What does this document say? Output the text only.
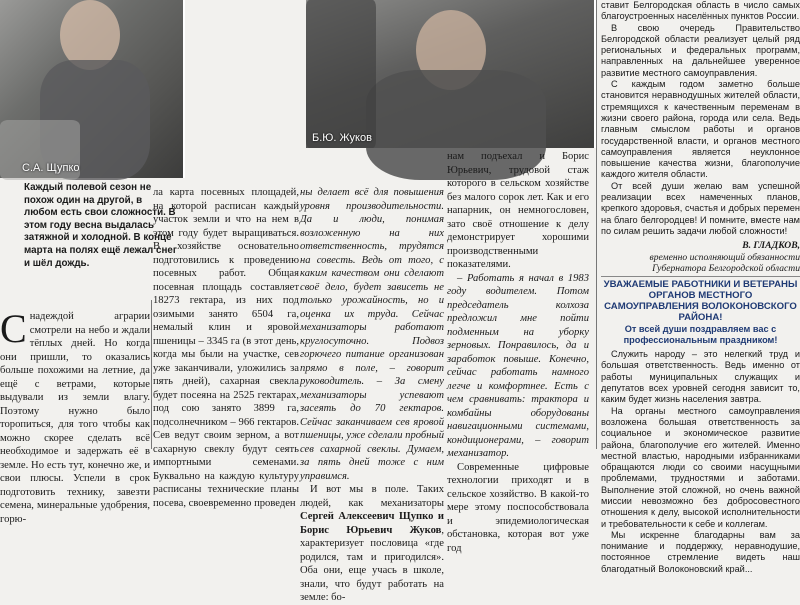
С.А. Щупко
Б.Ю. Жуков
Каждый полевой сезон не похож один на другой, в любом есть свои сложности. В этом году весна выдалась затяжной и холодной. В конце марта на полях ещё лежал снег и шёл дождь.
С надеждой аграрии смотрели на небо и ждали тёплых дней. Но когда они пришли, то оказались больше похожими на летние, да ещё с ветрами, которые выдували из земли влагу. Поэтому нужно было торопиться, для того чтобы как можно скорее сделать всё необходимое и задержать её в земле. Но есть тут, конечно же, и свои плюсы. Успели в срок подготовить технику, завезти семена, минеральные удобрения, горю-

ла карта посевных площадей, на которой расписан каждый участок земли и что на нем в этом году будет выращиваться. В хозяйстве основательно подготовились к проведению посевных работ. Общая посевная площадь составляет 18273 гектара, из них под озимыми занято 6504 га, немалый клин и яровой пшеницы – 3345 га (в этот день, когда мы были на участке, сев уже заканчивали, уложились за пять дней), сахарная свекла будет посеяна на 2525 гектарах, под сою занято 3899 га, подсолнечником – 966 гектаров. Сев ведут своим зерном, а вот сахарную свеклу будут сеять импортными семенами. Буквально на каждую культуру расписаны технические планы посева, своевременно проведен

ны делает всё для повышения уровня производительности. Да и люди, понимая возложенную на них ответственность, трудятся на совесть. Ведь от того, с каким качеством они сделают своё дело, будет зависеть не только урожайность, но и оценка их труда. Сейчас механизаторы работают круглосуточно. Подвоз горючего питание организован прямо в поле, – говорит руководитель. – За смену механизаторы успевают засеять до 70 гектаров. Сейчас заканчиваем сев яровой пшеницы, уже сделали пробный сев сахарной свеклы. Думаем, за пять дней тоже с ним управимся.

И вот мы в поле. Таких людей, как механизаторы Сергей Алексеевич Щупко и Борис Юрьевич Жуков, характеризует пословица «где родился, там и пригодился». Оба они, еще учась в школе, знали, что будут работать на земле: бо-

нам подъехал и Борис Юрьевич, трудовой стаж которого в сельском хозяйстве без малого сорок лет. Как и его напарник, он немногословен, зато своё отношение к делу демонстрирует хорошими производственными показателями.

– Работать я начал в 1983 году водителем. Потом председатель колхоза предложил мне пойти подменным на уборку зерновых. Понравилось, да и заработок повыше. Конечно, сейчас работать намного легче и комфортнее. Есть с чем сравнивать: трактора и комбайны оборудованы навигационными системами, кондиционерами, – говорит механизатор.

Современные цифровые технологии приходят и в сельское хозяйство. В какой-то мере этому поспособствовала и эпидемиологическая обстановка, которая вот уже год

ставит Белгородская область в число самых благоустроенных населённых пунктов России.

В свою очередь Правительство Белгородской области реализует целый ряд региональных и федеральных программ, направленных на дальнейшее уверенное развитие местного самоуправления.

С каждым годом заметно больше становится неравнодушных жителей области, стремящихся к качественным переменам в жизни своего района, города или села. Ведь главным смыслом работы и органов государственной власти, и органов местного самоуправления является неуклонное повышение качества жизни, благополучие каждого жителя области.

От всей души желаю вам успешной реализации всех намеченных планов, крепкого здоровья, счастья и добрых перемен на благо белгородцев! И помните, вместе нам по силам решить задачи любой сложности!

В. ГЛАДКОВ,
временно исполняющий обязанности
Губернатора Белгородской области
УВАЖАЕМЫЕ РАБОТНИКИ И ВЕТЕРАНЫ ОРГАНОВ МЕСТНОГО САМОУПРАВЛЕНИЯ ВОЛОКОНОВСКОГО РАЙОНА!
От всей души поздравляем вас с профессиональным праздником!

Служить народу – это нелегкий труд и большая ответственность. Ведь именно от работы муниципальных служащих и депутатов всех уровней сегодня зависит то, каким будет жизнь населения завтра.

На органы местного самоуправления возложена большая ответственность за социальное и экономическое развитие района, благополучие его жителей. Именно местной властью, народными избранниками обращаются люди со своими насущными проблемами, трудностями и заботами. Выполнение этой сложной, но очень важной миссии невозможно без добросовестного отношения к делу, высокой исполнительности и требовательности к себе и коллегам.

Мы искренне благодарны вам за понимание и поддержку, неравнодушие, постоянное стремление видеть наш благодатный Волоконовский край...
